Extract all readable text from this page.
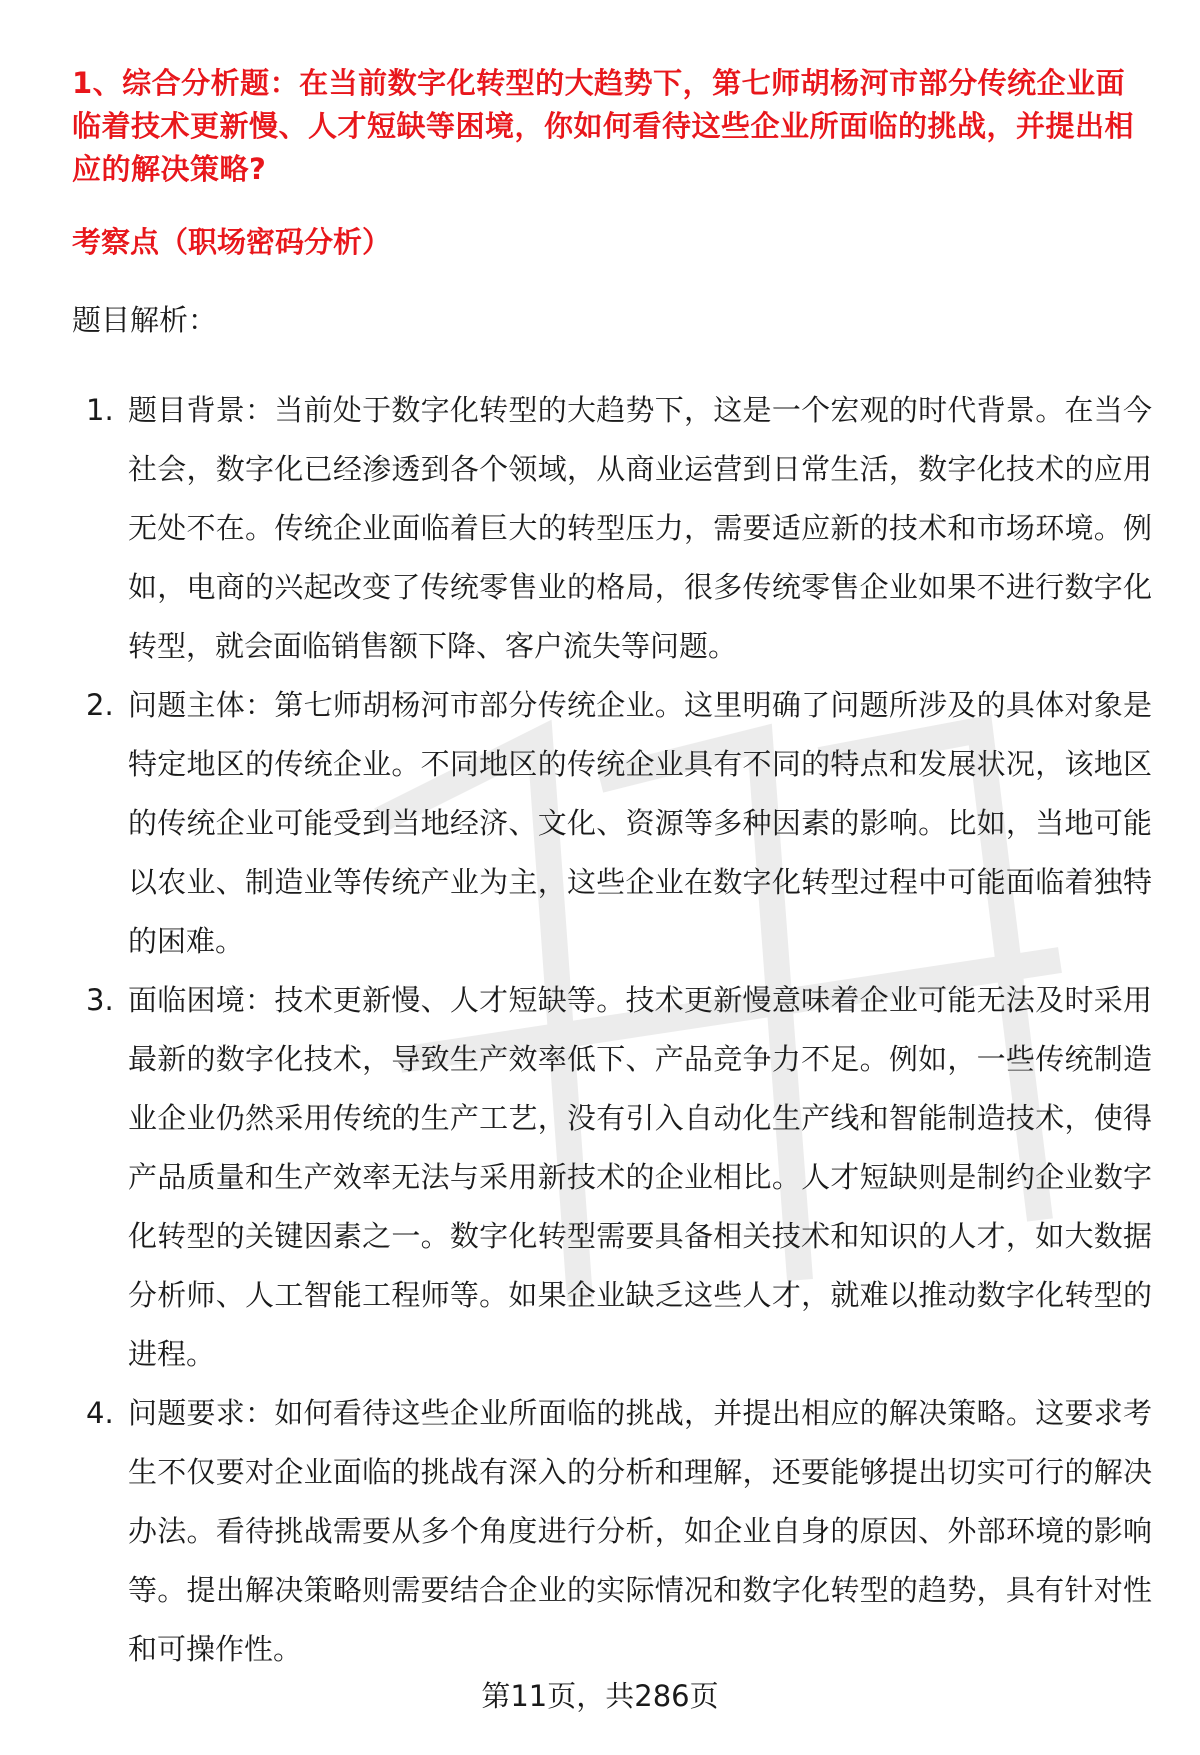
1、综合分析题：在当前数字化转型的大趋势下，第七师胡杨河市部分传统企业面临着技术更新慢、人才短缺等困境，你如何看待这些企业所面临的挑战，并提出相应的解决策略?
考察点（职场密码分析）
题目解析：
1. 题目背景：当前处于数字化转型的大趋势下，这是一个宏观的时代背景。在当今社会，数字化已经渗透到各个领域，从商业运营到日常生活，数字化技术的应用无处不在。传统企业面临着巨大的转型压力，需要适应新的技术和市场环境。例如，电商的兴起改变了传统零售业的格局，很多传统零售企业如果不进行数字化转型，就会面临销售额下降、客户流失等问题。
2. 问题主体：第七师胡杨河市部分传统企业。这里明确了问题所涉及的具体对象是特定地区的传统企业。不同地区的传统企业具有不同的特点和发展状况，该地区的传统企业可能受到当地经济、文化、资源等多种因素的影响。比如，当地可能以农业、制造业等传统产业为主，这些企业在数字化转型过程中可能面临着独特的困难。
3. 面临困境：技术更新慢、人才短缺等。技术更新慢意味着企业可能无法及时采用最新的数字化技术，导致生产效率低下、产品竞争力不足。例如，一些传统制造业企业仍然采用传统的生产工艺，没有引入自动化生产线和智能制造技术，使得产品质量和生产效率无法与采用新技术的企业相比。人才短缺则是制约企业数字化转型的关键因素之一。数字化转型需要具备相关技术和知识的人才，如大数据分析师、人工智能工程师等。如果企业缺乏这些人才，就难以推动数字化转型的进程。
4. 问题要求：如何看待这些企业所面临的挑战，并提出相应的解决策略。这要求考生不仅要对企业面临的挑战有深入的分析和理解，还要能够提出切实可行的解决办法。看待挑战需要从多个角度进行分析，如企业自身的原因、外部环境的影响等。提出解决策略则需要结合企业的实际情况和数字化转型的趋势，具有针对性和可操作性。
第11页，共286页
